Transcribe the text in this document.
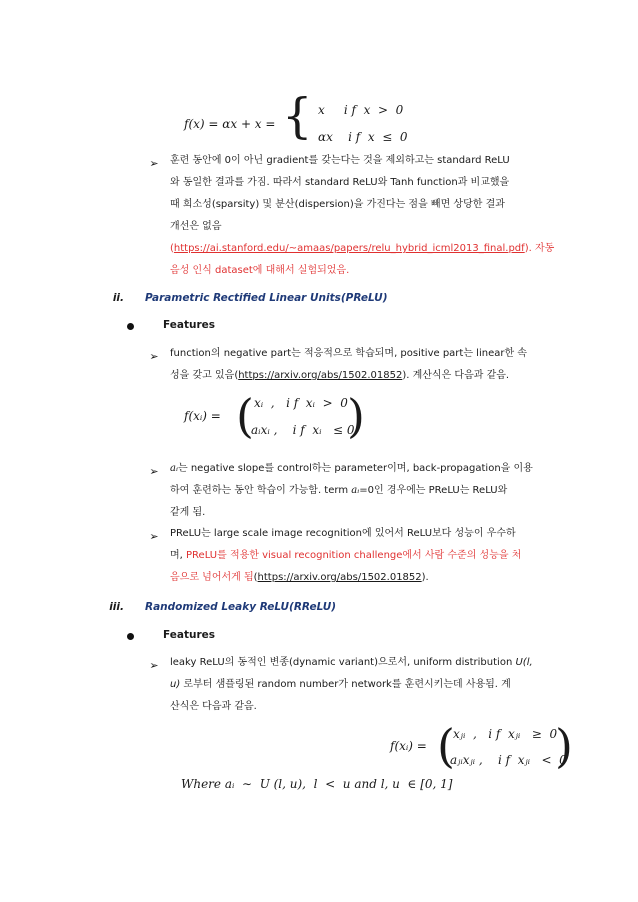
f(x) = αx + x = { x     i f  x  >  0
αx    i f  x  ≤  0
➢ 훈련 동안에 0이 아닌 gradient를 갖는다는 것을 제외하고는 standard ReLU
와 동일한 결과를 가짐. 따라서 standard ReLU와 Tanh function과 비교했을
때 희소성(sparsity) 및 분산(dispersion)을 가진다는 점을 빼면 상당한 결과
개선은 없음
(https://ai.stanford.edu/~amaas/papers/relu_hybrid_icml2013_final.pdf). 자동
음성 인식 dataset에 대해서 실험되었음.
ii. Parametric Rectified Linear Units(PReLU)
Features
➢ function의 negative part는 적응적으로 학습되며, positive part는 linear한 속
성을 갖고 있음(https://arxiv.org/abs/1502.01852). 계산식은 다음과 같음.
f(xᵢ) = ( xᵢ  ,   i f  xᵢ  >  0
aᵢxᵢ ,    i f  xᵢ   ≤ 0
)
➢ aᵢ는 negative slope를 control하는 parameter이며, back-propagation을 이용
하여 훈련하는 동안 학습이 가능함. term aᵢ=0인 경우에는 PReLU는 ReLU와
같게 됨.
➢ PReLU는 large scale image recognition에 있어서 ReLU보다 성능이 우수하
며, PReLU를 적용한 visual recognition challenge에서 사람 수준의 성능을 처
음으로 넘어서게 됨(https://arxiv.org/abs/1502.01852).
iii. Randomized Leaky ReLU(RReLU)
Features
➢ leaky ReLU의 동적인 변종(dynamic variant)으로서, uniform distribution U(l,
u) 로부터 샘플링된 random number가 network를 훈련시키는데 사용됨. 계
산식은 다음과 같음.
f(xᵢ) = (
xⱼᵢ  ,   i f  xⱼᵢ   ≥  0
aⱼᵢxⱼᵢ ,    i f  xⱼᵢ   <  0
)
Where aᵢ  ∼  U (l, u),  l  <  u and l, u  ∈ [0, 1]
